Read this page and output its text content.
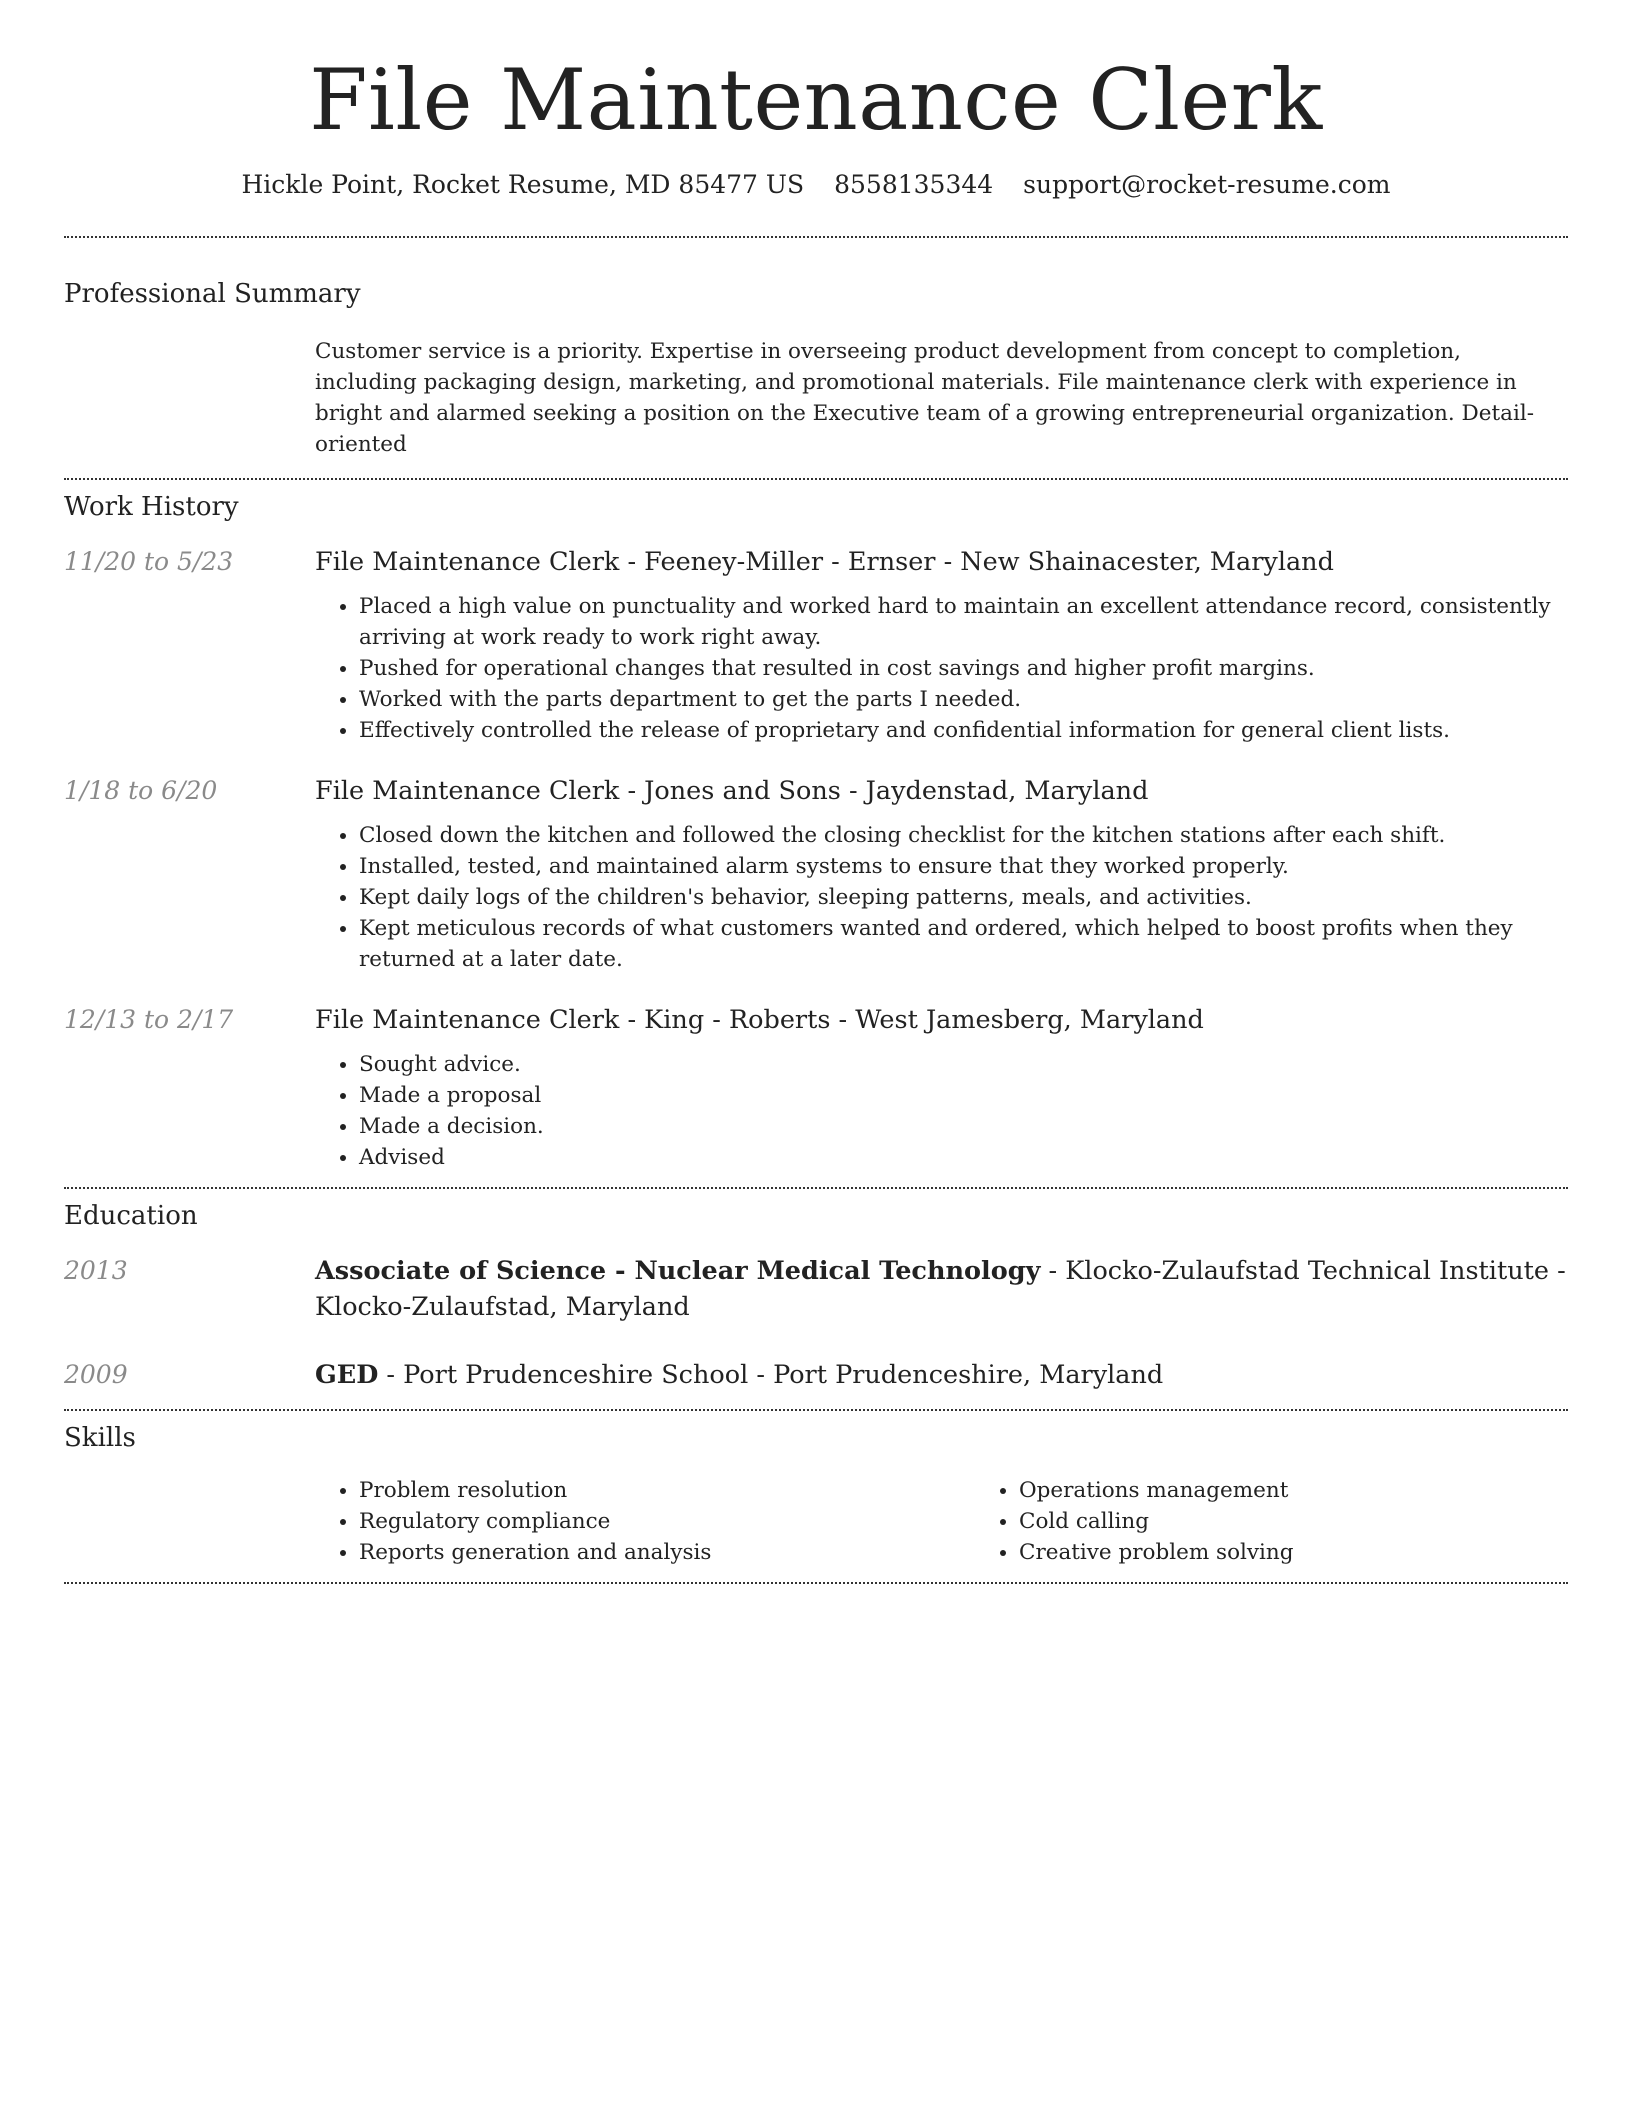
File Maintenance Clerk
Hickle Point, Rocket Resume, MD 85477 US 8558135344 support@rocket-resume.com
Professional Summary
Customer service is a priority. Expertise in overseeing product development from concept to completion, including packaging design, marketing, and promotional materials. File maintenance clerk with experience in bright and alarmed seeking a position on the Executive team of a growing entrepreneurial organization. Detail-oriented
Work History
11/20 to 5/23	File Maintenance Clerk - Feeney-Miller - Ernser - New Shainacester, Maryland
• Placed a high value on punctuality and worked hard to maintain an excellent attendance record, consistently arriving at work ready to work right away.
• Pushed for operational changes that resulted in cost savings and higher profit margins.
• Worked with the parts department to get the parts I needed.
• Effectively controlled the release of proprietary and confidential information for general client lists.
1/18 to 6/20	File Maintenance Clerk - Jones and Sons - Jaydenstad, Maryland
• Closed down the kitchen and followed the closing checklist for the kitchen stations after each shift.
• Installed, tested, and maintained alarm systems to ensure that they worked properly.
• Kept daily logs of the children's behavior, sleeping patterns, meals, and activities.
• Kept meticulous records of what customers wanted and ordered, which helped to boost profits when they returned at a later date.
12/13 to 2/17	File Maintenance Clerk - King - Roberts - West Jamesberg, Maryland
• Sought advice.
• Made a proposal
• Made a decision.
• Advised
Education
2013	Associate of Science - Nuclear Medical Technology - Klocko-Zulaufstad Technical Institute - Klocko-Zulaufstad, Maryland
2009	GED - Port Prudenceshire School - Port Prudenceshire, Maryland
Skills
• Problem resolution
• Regulatory compliance
• Reports generation and analysis
• Operations management
• Cold calling
• Creative problem solving
